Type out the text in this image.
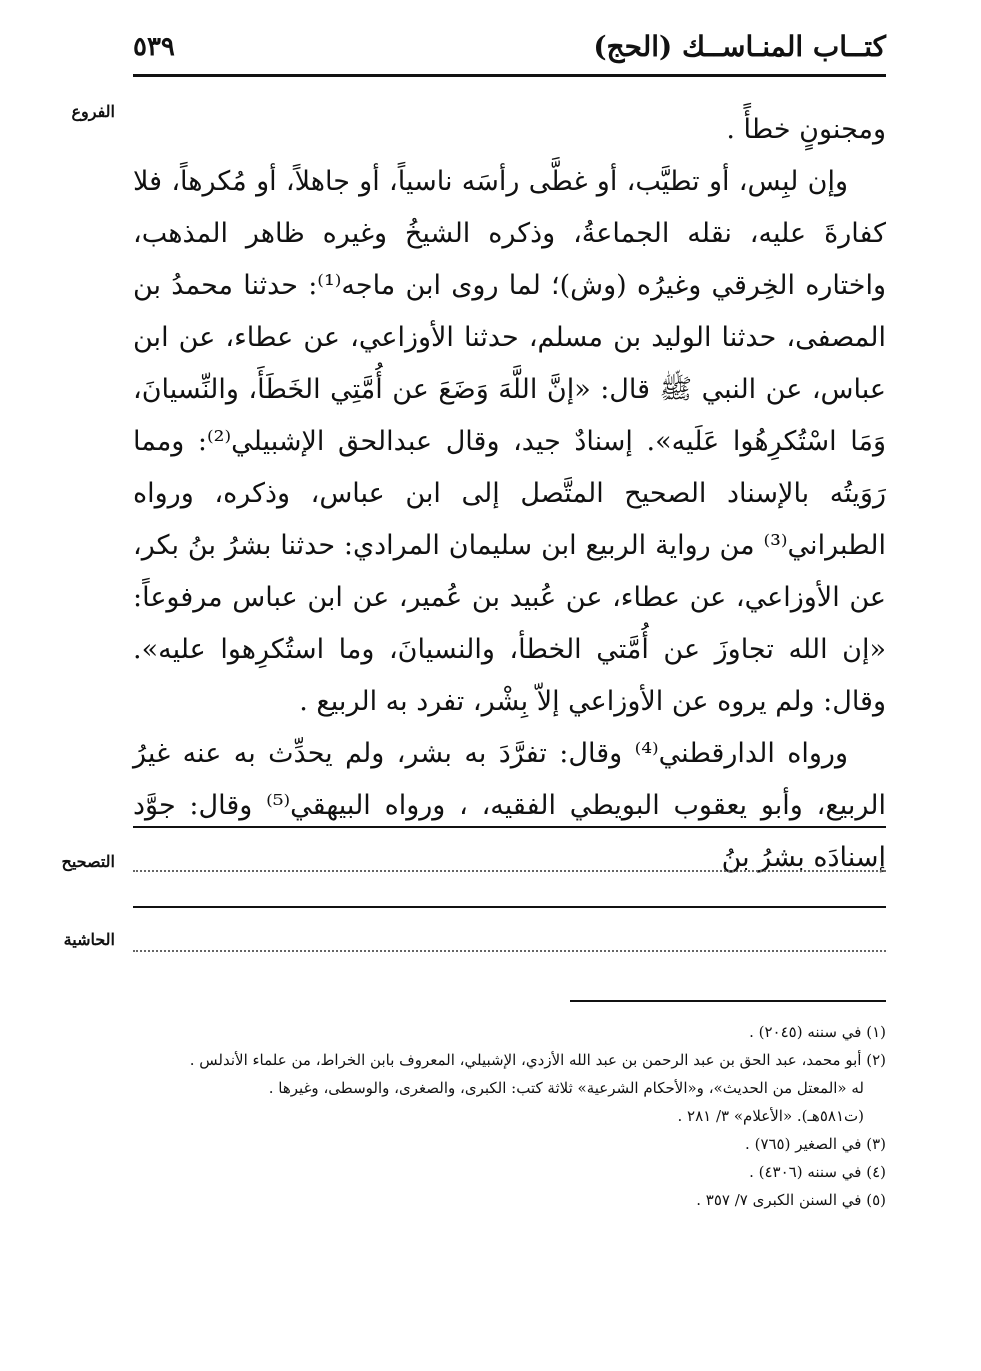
٥٣٩	كتــاب المنـاســك (الحج)
الفروع

ومجنونٍ خطأً .

وإن لبِس، أو تطيَّب، أو غطَّى رأسَه ناسياً، أو جاهلاً، أو مُكرهاً، فلا كفارةَ عليه، نقله الجماعةُ، وذكره الشيخُ وغيره ظاهر المذهب، واختاره الخِرقي وغيرُه (وش)؛ لما روى ابن ماجه⁽¹⁾: حدثنا محمدُ بن المصفى، حدثنا الوليد بن مسلم، حدثنا الأوزاعي، عن عطاء، عن ابن عباس، عن النبي ﷺ قال: «إنَّ اللَّهَ وَضَعَ عن أُمَّتِي الخَطَأَ، والنِّسيانَ، وَمَا اسْتُكرِهُوا عَلَيه». إسنادٌ جيد، وقال عبدالحق الإشبيلي⁽²⁾: ومما رَوَيتُه بالإسناد الصحيح المتَّصل إلى ابن عباس، وذكره، ورواه الطبراني⁽³⁾ من رواية الربيع ابن سليمان المرادي: حدثنا بشرُ بنُ بكر، عن الأوزاعي، عن عطاء، عن عُبيد بن عُمير، عن ابن عباس مرفوعاً: «إن الله تجاوزَ عن أُمَّتي الخطأ، والنسيانَ، وما استُكرِهوا عليه». وقال: ولم يروه عن الأوزاعي إلاّ بِشْر، تفرد به الربيع .

ورواه الدارقطني⁽⁴⁾ وقال: تفرَّدَ به بشر، ولم يحدِّث به عنه غيرُ الربيع، وأبو يعقوب البويطي الفقيه، ، ورواه البيهقي⁽⁵⁾ وقال: جوَّد إسنادَه بشرُ بنُ

التصحيح
الحاشية
(١) في سننه (٢٠٤٥) .
(٢) أبو محمد، عبد الحق بن عبد الرحمن بن عبد الله الأزدي، الإشبيلي، المعروف بابن الخراط، من علماء الأندلس .
له «المعتل من الحديث»، و«الأحكام الشرعية» ثلاثة كتب: الكبرى، والصغرى، والوسطى، وغيرها .
(ت٥٨١هـ). «الأعلام» ٣/ ٢٨١ .
(٣) في الصغير (٧٦٥) .
(٤) في سننه (٤٣٠٦) .
(٥) في السنن الكبرى ٧/ ٣٥٧ .
